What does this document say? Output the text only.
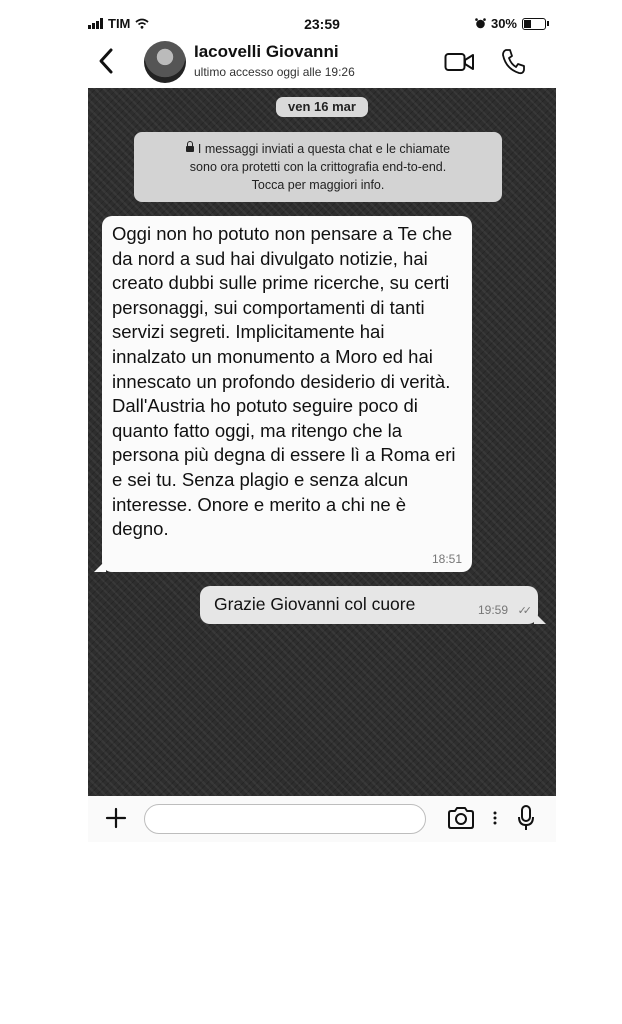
TIM	23:59	30%
Iacovelli Giovanni
ultimo accesso oggi alle 19:26
ven 16 mar
I messaggi inviati a questa chat e le chiamate
sono ora protetti con la crittografia end-to-end.
Tocca per maggiori info.
Oggi non ho potuto non pensare a Te che da nord a sud hai divulgato notizie, hai creato dubbi sulle prime ricerche, su certi personaggi, sui comportamenti di tanti servizi segreti. Implicitamente hai innalzato un monumento a Moro ed hai innescato un profondo desiderio di verità. Dall'Austria ho potuto seguire poco di quanto fatto oggi, ma ritengo che la persona più degna di essere lì a Roma eri e sei tu. Senza plagio e senza alcun interesse. Onore e merito a chi ne è degno.
18:51
Grazie Giovanni col cuore	19:59 ✓✓
